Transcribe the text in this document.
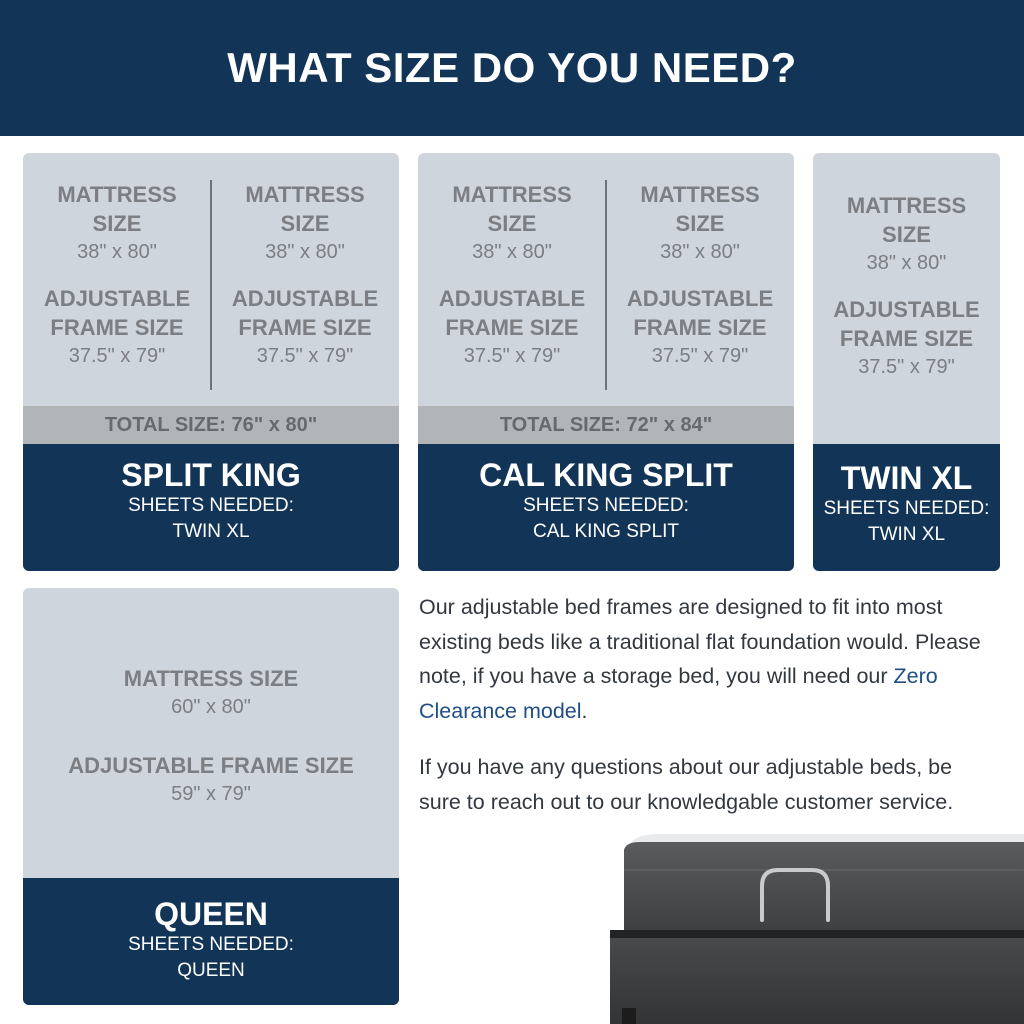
WHAT SIZE DO YOU NEED?
MATTRESS
SIZE
38" x 80"
ADJUSTABLE
FRAME SIZE
37.5" x 79"
MATTRESS
SIZE
38" x 80"
ADJUSTABLE
FRAME SIZE
37.5" x 79"
TOTAL SIZE: 76" x 80"
SPLIT KING
SHEETS NEEDED:
TWIN XL
MATTRESS
SIZE
38" x 80"
ADJUSTABLE
FRAME SIZE
37.5" x 79"
MATTRESS
SIZE
38" x 80"
ADJUSTABLE
FRAME SIZE
37.5" x 79"
TOTAL SIZE: 72" x 84"
CAL KING SPLIT
SHEETS NEEDED:
CAL KING SPLIT
MATTRESS
SIZE
38" x 80"
ADJUSTABLE
FRAME SIZE
37.5" x 79"
TWIN XL
SHEETS NEEDED:
TWIN XL
MATTRESS SIZE
60" x 80"
ADJUSTABLE FRAME SIZE
59" x 79"
QUEEN
SHEETS NEEDED:
QUEEN

Our adjustable bed frames are designed to fit into most existing beds like a traditional flat foundation would. Please note, if you have a storage bed, you will need our Zero Clearance model.

If you have any questions about our adjustable beds, be sure to reach out to our knowledgable customer service.
